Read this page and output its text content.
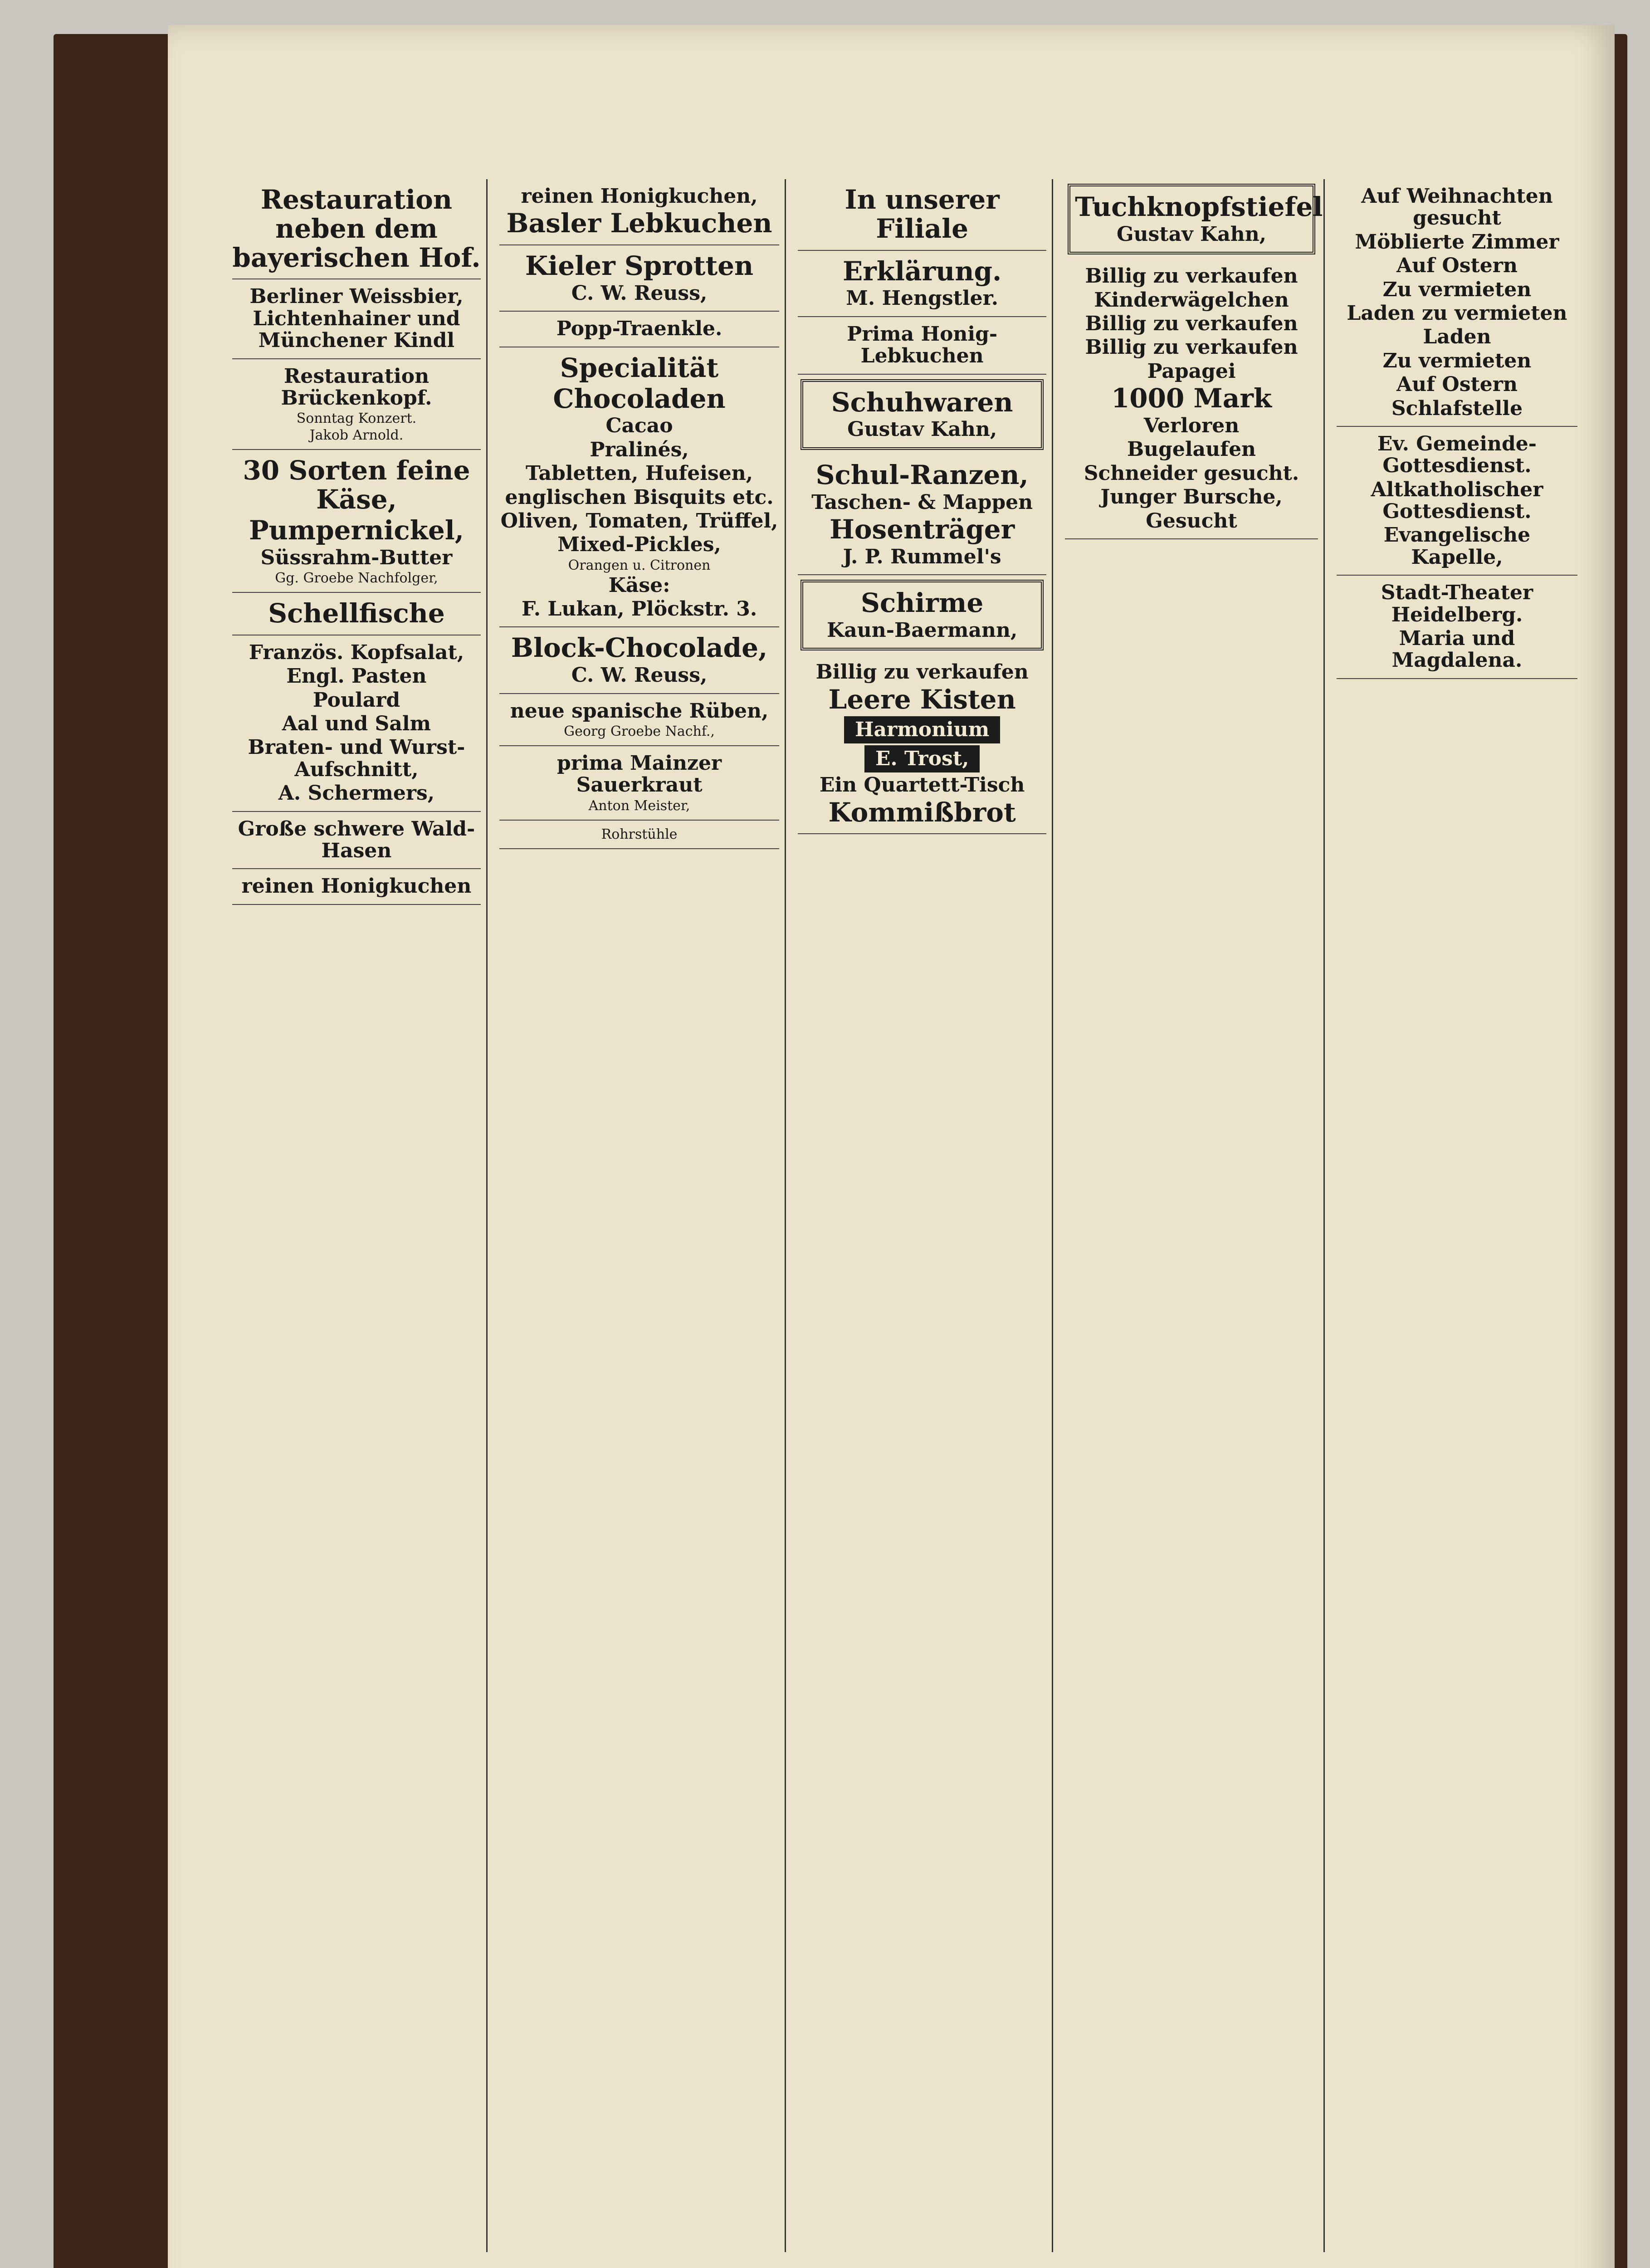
Restauration neben dem bayerischen Hof.

Berliner Weissbier, Lichtenhainer und Münchener Kindl

Restauration Brückenkopf.

Sonntag Konzert.

Jakob Arnold.

30 Sorten feine Käse,

Pumpernickel,

Süssrahm-Butter

Gg. Groebe Nachfolger,

Schellfische

Französ. Kopfsalat,

Engl. Pasten

Poulard

Aal und Salm

Braten- und Wurst-Aufschnitt,

A. Schermers,

Große schwere Wald-Hasen

reinen Honigkuchen

reinen Honigkuchen,

Basler Lebkuchen

Kieler Sprotten

C. W. Reuss,

Popp-Traenkle.

Specialität

Chocoladen

Cacao

Pralinés,

Tabletten, Hufeisen,

englischen Bisquits etc.

Oliven, Tomaten, Trüffel,

Mixed-Pickles,

Orangen u. Citronen

Käse:

F. Lukan, Plöckstr. 3.

Block-Chocolade,

C. W. Reuss,

neue spanische Rüben,

Georg Groebe Nachf.,

prima Mainzer Sauerkraut

Anton Meister,

Rohrstühle

In unserer Filiale

Erklärung.

M. Hengstler.

Prima Honig-Lebkuchen

Schuhwaren

Gustav Kahn,

Schul-Ranzen,

Taschen- & Mappen

Hosenträger

J. P. Rummel's

Schirme

Kaun-Baermann,

Billig zu verkaufen

Leere Kisten

Harmonium

E. Trost,

Ein Quartett-Tisch

Kommißbrot

Tuchknopfstiefel

Gustav Kahn,

Billig zu verkaufen

Kinderwägelchen

Billig zu verkaufen

Billig zu verkaufen

Papagei

1000 Mark

Verloren

Bugelaufen

Schneider gesucht.

Junger Bursche,

Gesucht

Auf Weihnachten gesucht

Möblierte Zimmer

Auf Ostern

Zu vermieten

Laden zu vermieten

Laden

Zu vermieten

Auf Ostern

Schlafstelle

Ev. Gemeinde-Gottesdienst.

Altkatholischer Gottesdienst.

Evangelische Kapelle,

Stadt-Theater Heidelberg.

Maria und Magdalena.
